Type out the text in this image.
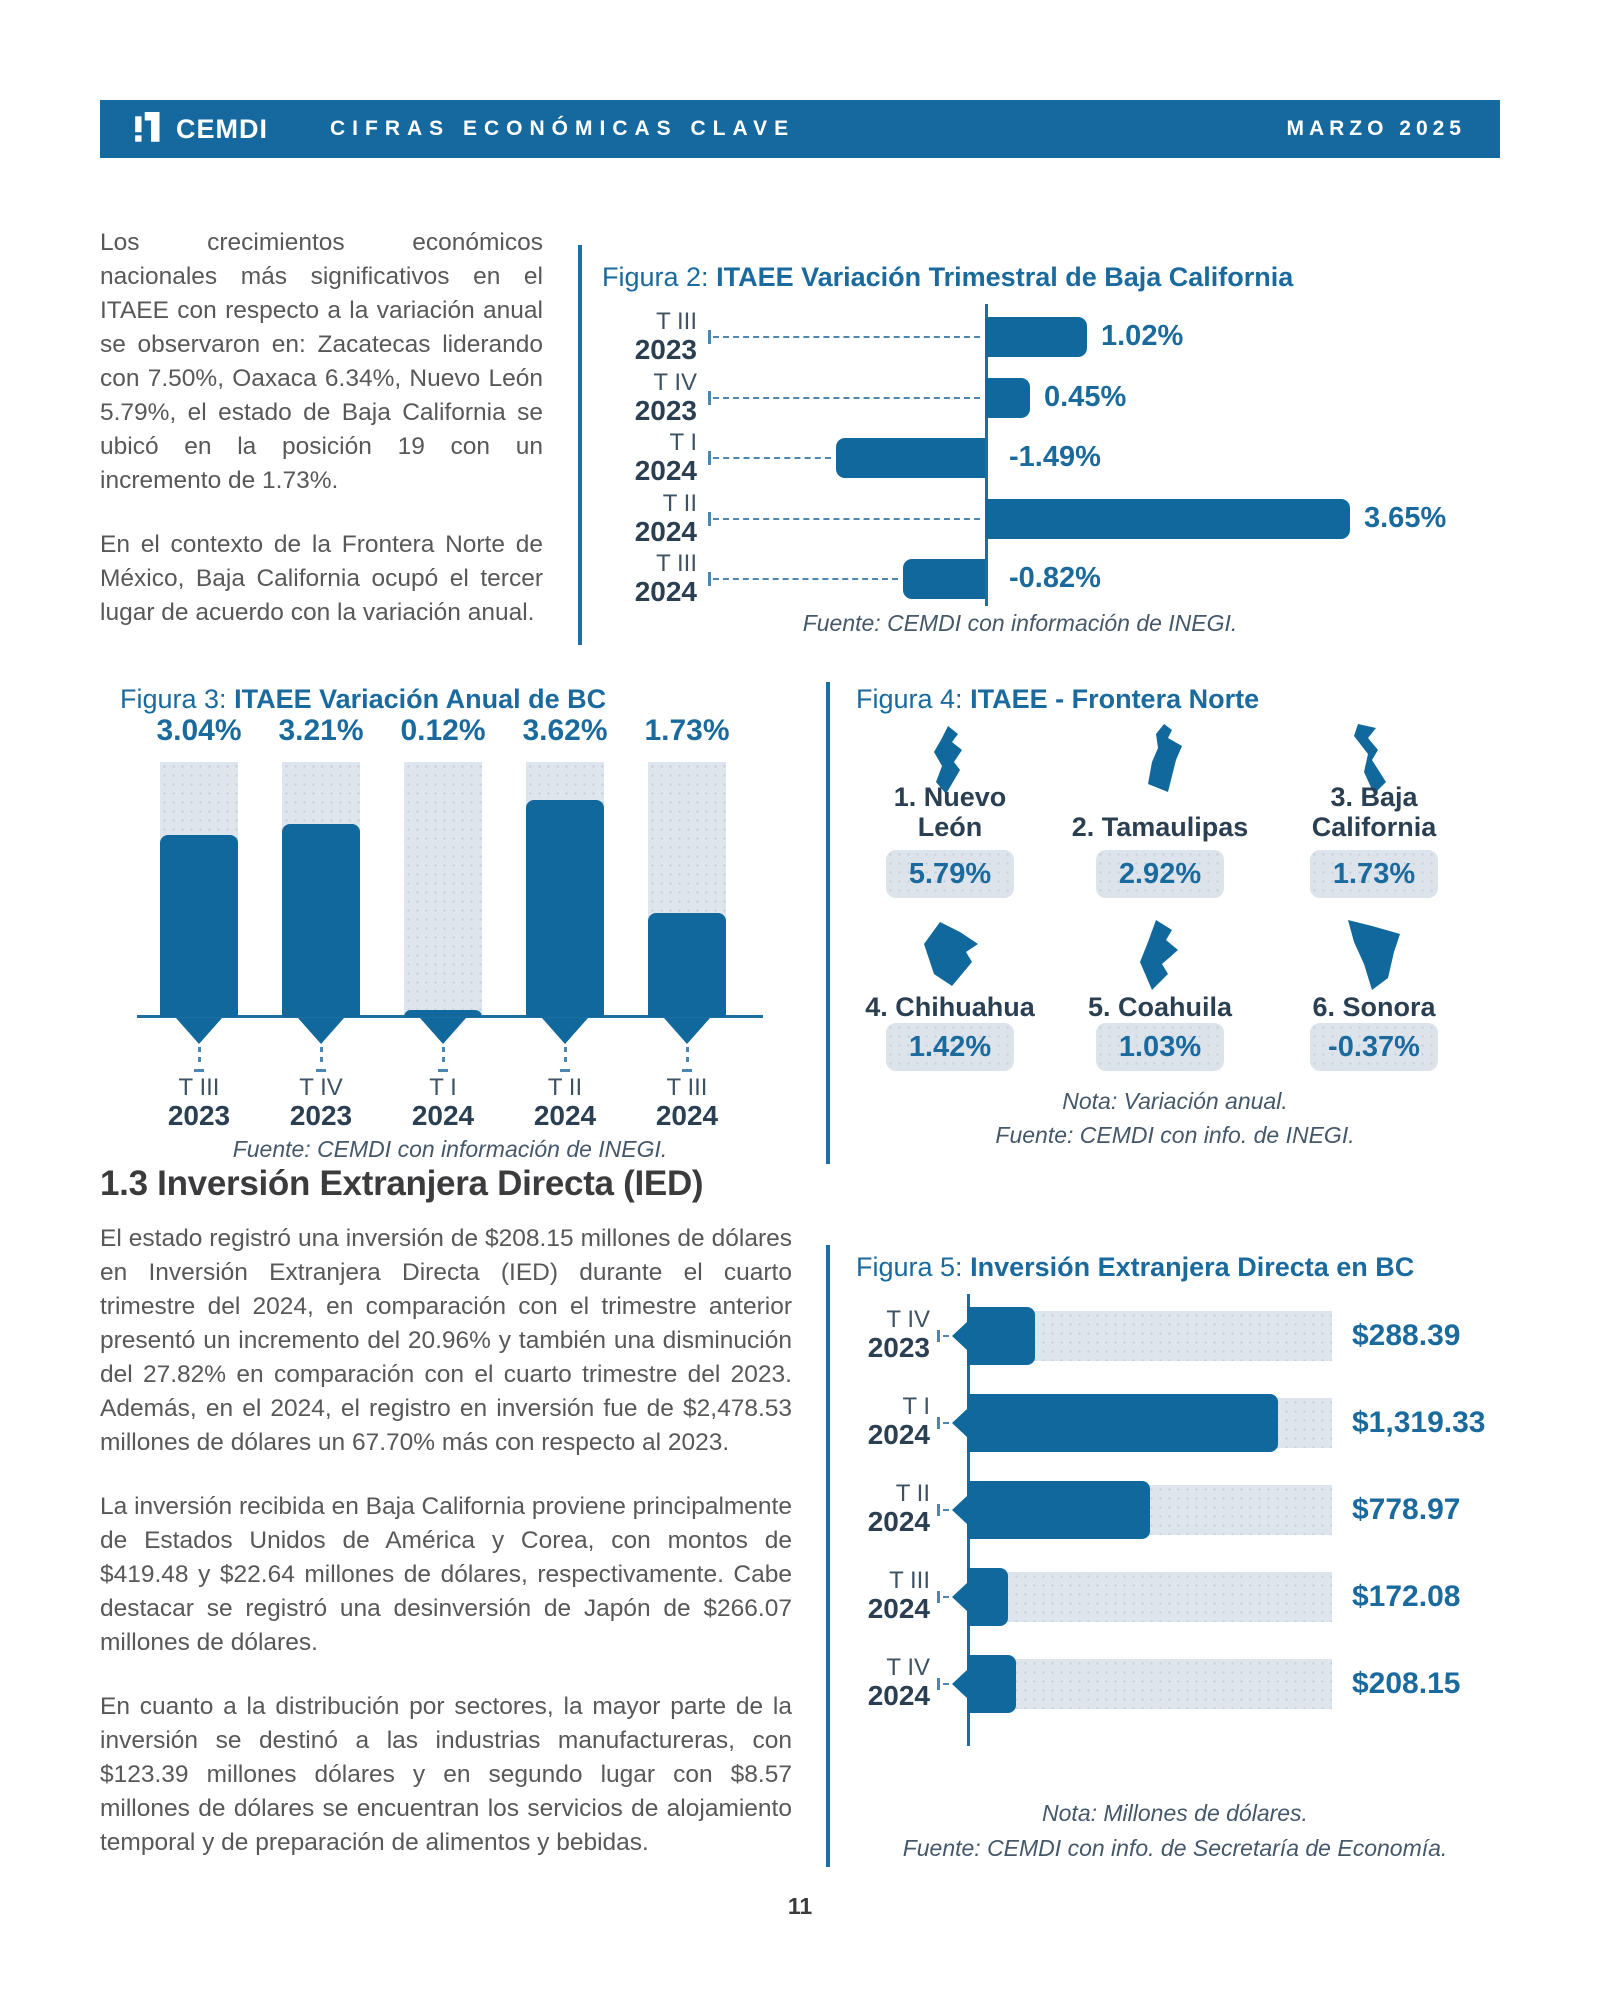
CEMDI	CIFRAS ECONÓMICAS CLAVE	MARZO 2025

Los crecimientos económicos nacionales más significativos en el ITAEE con respecto a la variación anual se observaron en: Zacatecas liderando con 7.50%, Oaxaca 6.34%, Nuevo León 5.79%, el estado de Baja California se ubicó en la posición 19 con un incremento de 1.73%.

En el contexto de la Frontera Norte de México, Baja California ocupó el tercer lugar de acuerdo con la variación anual.

Figura 2: ITAEE Variación Trimestral de Baja California
T III
2023	1.02%
T IV
2023	0.45%
T I
2024	-1.49%
T II
2024	3.65%
T III
2024	-0.82%
Fuente: CEMDI con información de INEGI.
Figura 3: ITAEE Variación Anual de BC
Fuente: CEMDI con información de INEGI.
3.04%
T III
2023
3.21%
T IV
2023
0.12%
T I
2024
3.62%
T II
2024
1.73%
T III
2024
Figura 4: ITAEE - Frontera Norte
1. Nuevo
León
5.79%
2. Tamaulipas
2.92%
3. Baja
California
1.73%
4. Chihuahua
1.42%
5. Coahuila
1.03%
6. Sonora
-0.37%
Nota: Variación anual.
Fuente: CEMDI con info. de INEGI.
1.3 Inversión Extranjera Directa (IED)

El estado registró una inversión de $208.15 millones de dólares en Inversión Extranjera Directa (IED) durante el cuarto trimestre del 2024, en comparación con el trimestre anterior presentó un incremento del 20.96% y también una disminución del 27.82% en comparación con el cuarto trimestre del 2023. Además, en el 2024, el registro en inversión fue de $2,478.53 millones de dólares un 67.70% más con respecto al 2023.

La inversión recibida en Baja California proviene principalmente de Estados Unidos de América y Corea, con montos de $419.48 y $22.64 millones de dólares, respectivamente. Cabe destacar se registró una desinversión de Japón de $266.07 millones de dólares.

En cuanto a la distribución por sectores, la mayor parte de la inversión se destinó a las industrias manufactureras, con $123.39 millones dólares y en segundo lugar con $8.57 millones de dólares se encuentran los servicios de alojamiento temporal y de preparación de alimentos y bebidas.

Figura 5: Inversión Extranjera Directa en BC
T IV
2023	$288.39
T I
2024	$1,319.33
T II
2024	$778.97
T III
2024	$172.08
T IV
2024	$208.15
Nota: Millones de dólares.
Fuente: CEMDI con info. de Secretaría de Economía.
11
